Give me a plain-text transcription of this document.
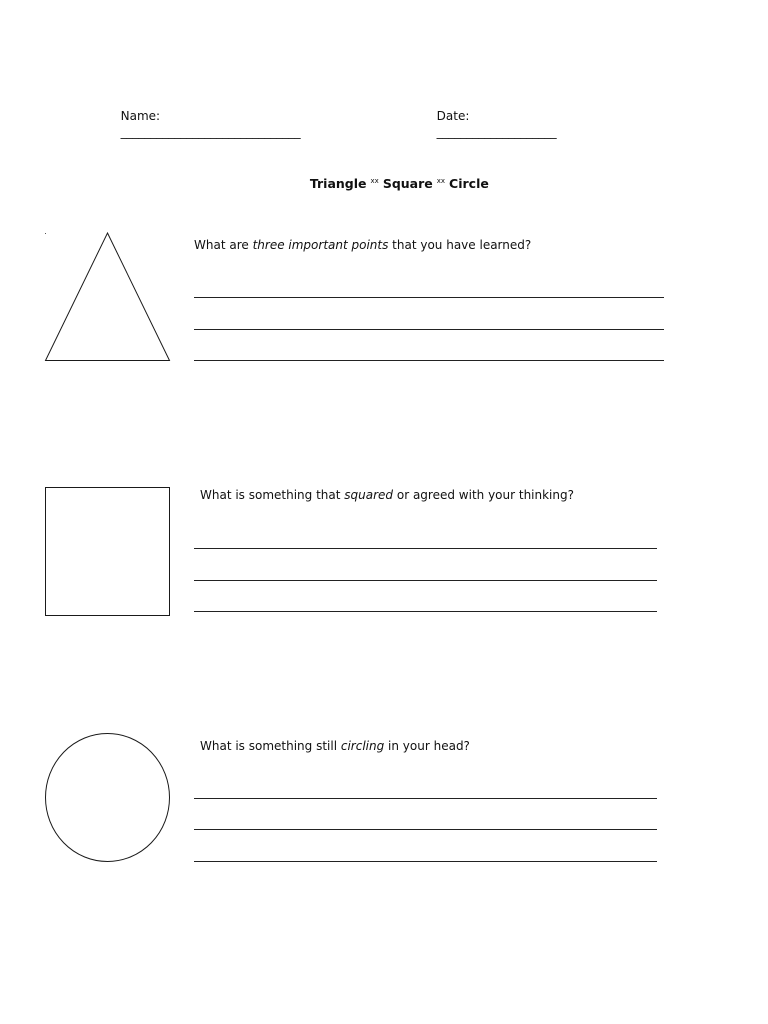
Name:
______________________________

Date:
____________________

Triangle $^{xx}$ Square $^{xx}$ Circle

What are three important points that you have learned?
What is something that squared or agreed with your thinking?
What is something still circling in your head?
